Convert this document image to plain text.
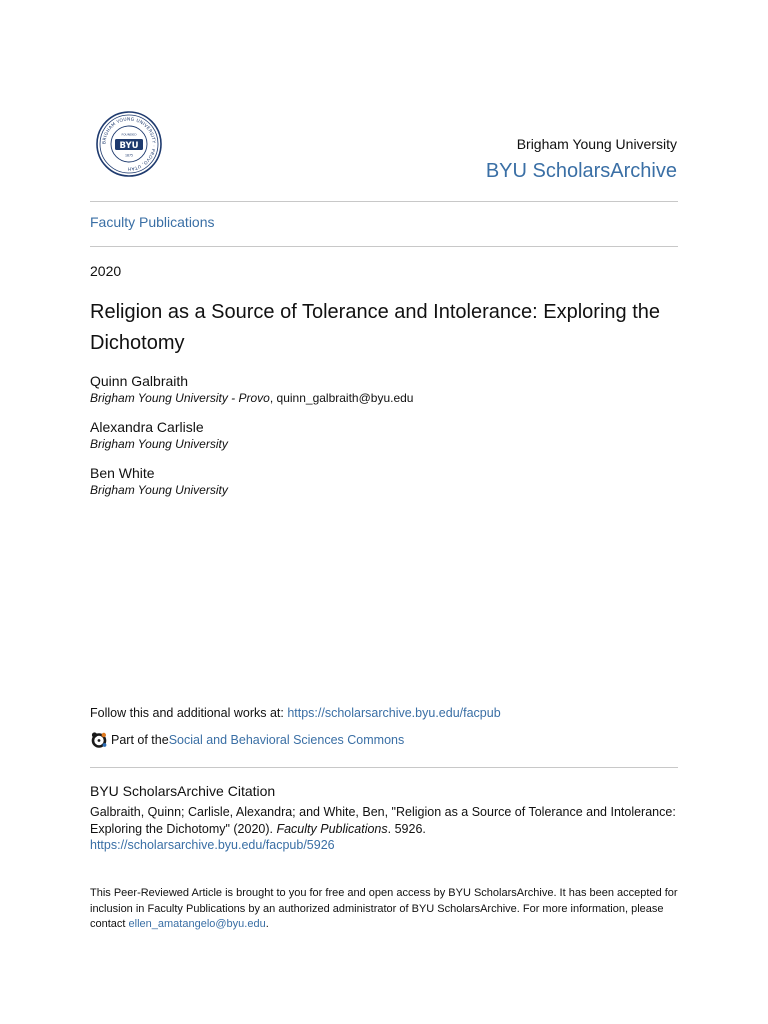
BRIGHAM YOUNG UNIVERSITY · PROVO, UTAH
BYU
FOUNDED
1875
Brigham Young University
BYU ScholarsArchive
Faculty Publications
2020
Religion as a Source of Tolerance and Intolerance: Exploring the Dichotomy
Quinn Galbraith
Brigham Young University - Provo, quinn_galbraith@byu.edu
Alexandra Carlisle
Brigham Young University
Ben White
Brigham Young University
Follow this and additional works at: https://scholarsarchive.byu.edu/facpub
Part of the Social and Behavioral Sciences Commons
BYU ScholarsArchive Citation
Galbraith, Quinn; Carlisle, Alexandra; and White, Ben, "Religion as a Source of Tolerance and Intolerance: Exploring the Dichotomy" (2020). Faculty Publications. 5926.
https://scholarsarchive.byu.edu/facpub/5926
This Peer-Reviewed Article is brought to you for free and open access by BYU ScholarsArchive. It has been accepted for inclusion in Faculty Publications by an authorized administrator of BYU ScholarsArchive. For more information, please contact ellen_amatangelo@byu.edu.
